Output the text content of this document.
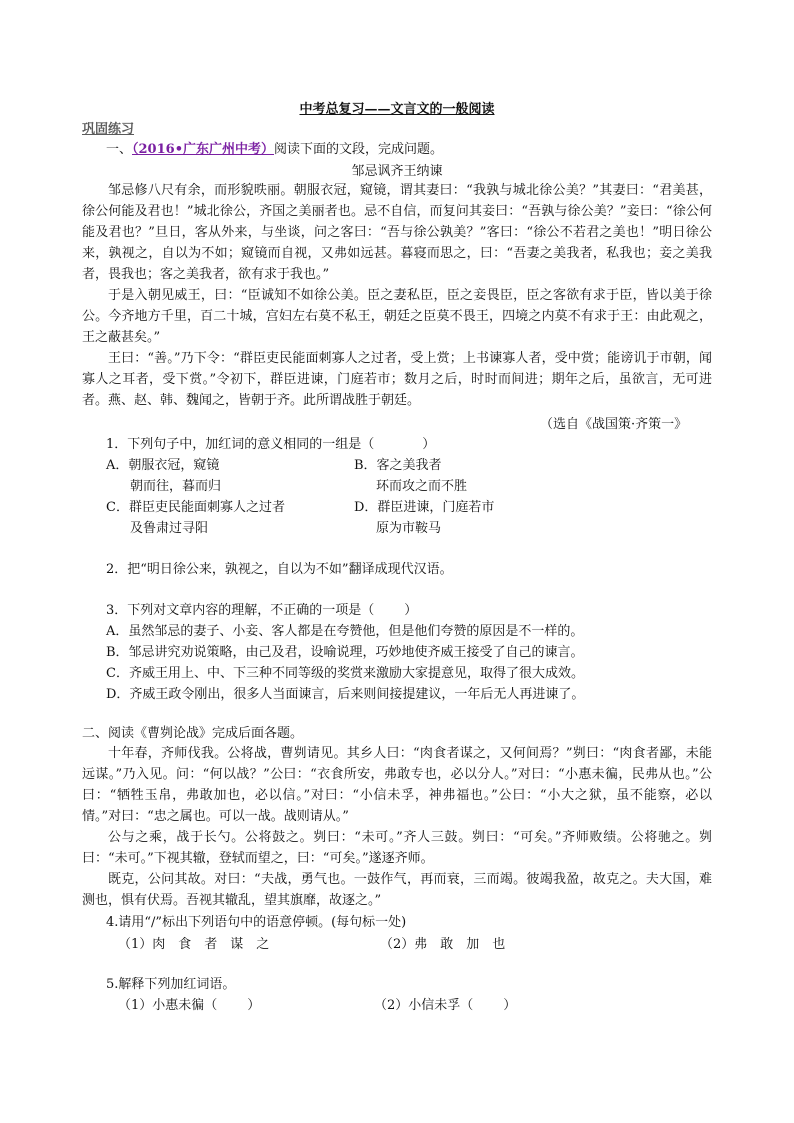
中考总复习——文言文的一般阅读
巩固练习
一、（2016•广东广州中考）阅读下面的文段，完成问题。
邹忌讽齐王纳谏

邹忌修八尺有余，而形貌昳丽。朝服衣冠，窥镜，谓其妻曰：“我孰与城北徐公美？”其妻曰：“君美甚，徐公何能及君也！”城北徐公，齐国之美丽者也。忌不自信，而复问其妾曰：“吾孰与徐公美？”妾曰：“徐公何能及君也？”旦日，客从外来，与坐谈，问之客曰：“吾与徐公孰美？”客曰：“徐公不若君之美也！”明日徐公来，孰视之，自以为不如；窥镜而自视，又弗如远甚。暮寝而思之，曰：“吾妻之美我者，私我也；妾之美我者，畏我也；客之美我者，欲有求于我也。”

于是入朝见威王，曰：“臣诚知不如徐公美。臣之妻私臣，臣之妾畏臣，臣之客欲有求于臣，皆以美于徐公。今齐地方千里，百二十城，宫妇左右莫不私王，朝廷之臣莫不畏王，四境之内莫不有求于王：由此观之，王之蔽甚矣。”

王曰：“善。”乃下令：“群臣吏民能面刺寡人之过者，受上赏；上书谏寡人者，受中赏；能谤讥于市朝，闻寡人之耳者，受下赏。”令初下，群臣进谏，门庭若市；数月之后，时时而间进；期年之后，虽欲言，无可进者。燕、赵、韩、魏闻之，皆朝于齐。此所谓战胜于朝廷。

（选自《战国策·齐策一》
1．下列句子中，加红词的意义相同的一组是（	）
A．朝服衣冠，窥镜	B．客之美我者
朝而往，暮而归	环而攻之而不胜
C．群臣吏民能面刺寡人之过者	D．群臣进谏，门庭若市
及鲁肃过寻阳	原为市鞍马
2．把“明日徐公来，孰视之，自以为不如”翻译成现代汉语。
3．下列对文章内容的理解，不正确的一项是（ ）
A．虽然邹忌的妻子、小妾、客人都是在夸赞他，但是他们夸赞的原因是不一样的。
B．邹忌讲究劝说策略，由己及君，设喻说理，巧妙地使齐威王接受了自己的谏言。
C．齐威王用上、中、下三种不同等级的奖赏来激励大家提意见，取得了很大成效。
D．齐威王政令刚出，很多人当面谏言，后来则间接提建议，一年后无人再进谏了。
二、阅读《曹刿论战》完成后面各题。

十年春，齐师伐我。公将战，曹刿请见。其乡人曰：“肉食者谋之，又何间焉？”刿曰：“肉食者鄙，未能远谋。”乃入见。问：“何以战？”公曰：“衣食所安，弗敢专也，必以分人。”对曰：“小惠未徧，民弗从也。”公曰：“牺牲玉帛，弗敢加也，必以信。”对曰：“小信未孚，神弗福也。”公曰：“小大之狱，虽不能察，必以情。”对曰：“忠之属也。可以一战。战则请从。”

公与之乘，战于长勺。公将鼓之。刿曰：“未可。”齐人三鼓。刿曰：“可矣。”齐师败绩。公将驰之。刿曰：“未可。”下视其辙，登轼而望之，曰：“可矣。”遂逐齐师。

既克，公问其故。对曰：“夫战，勇气也。一鼓作气，再而衰，三而竭。彼竭我盈，故克之。夫大国，难测也，惧有伏焉。吾视其辙乱，望其旗靡，故逐之。”

4.请用“/”标出下列语句中的语意停顿。(每句标一处)
（1）肉　食　者　谋　之	（2）弗　敢　加　也
5.解释下列加红词语。
（1）小惠未徧（ ）	（2）小信未孚（ ）
